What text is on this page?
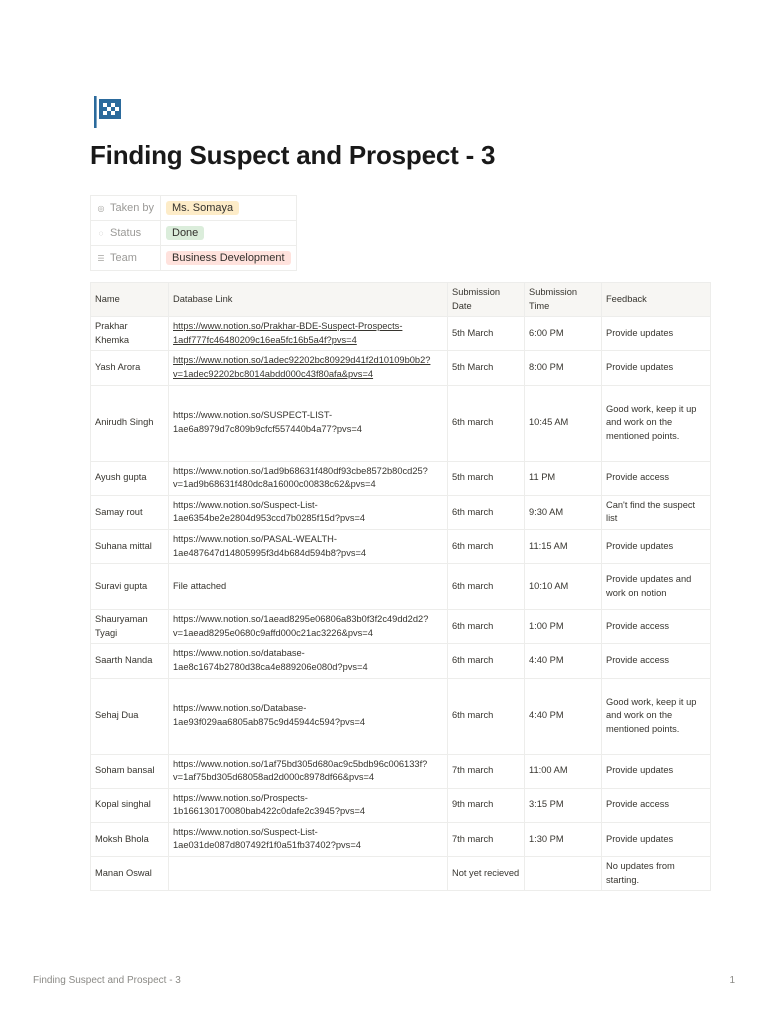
Finding Suspect and Prospect - 3
◎ Taken by	Ms. Somaya
◌ Status	Done
☰ Team	Business Development
Name	Database Link	Submission Date	Submission Time	Feedback
Prakhar Khemka	https://www.notion.so/Prakhar-BDE-Suspect-Prospects-
1adf777fc46480209c16ea5fc16b5a4f?pvs=4	5th March	6:00 PM	Provide updates
Yash Arora	https://www.notion.so/1adec92202bc80929d41f2d10109b0b2?
v=1adec92202bc8014abdd000c43f80afa&pvs=4	5th March	8:00 PM	Provide updates
Anirudh Singh	https://www.notion.so/SUSPECT-LIST-
1ae6a8979d7c809b9cfcf557440b4a77?pvs=4	6th march	10:45 AM	Good work, keep it up and work on the mentioned points.
Ayush gupta	https://www.notion.so/1ad9b68631f480df93cbe8572b80cd25?
v=1ad9b68631f480dc8a16000c00838c62&pvs=4	5th march	11 PM	Provide access
Samay rout	https://www.notion.so/Suspect-List-
1ae6354be2e2804d953ccd7b0285f15d?pvs=4	6th march	9:30 AM	Can't find the suspect list
Suhana mittal	https://www.notion.so/PASAL-WEALTH-
1ae487647d14805995f3d4b684d594b8?pvs=4	6th march	11:15 AM	Provide updates
Suravi gupta	File attached	6th march	10:10 AM	Provide updates and work on notion
Shauryaman Tyagi	https://www.notion.so/1aead8295e06806a83b0f3f2c49dd2d2?
v=1aead8295e0680c9affd000c21ac3226&pvs=4	6th march	1:00 PM	Provide access
Saarth Nanda	https://www.notion.so/database-
1ae8c1674b2780d38ca4e889206e080d?pvs=4	6th march	4:40 PM	Provide access
Sehaj Dua	https://www.notion.so/Database-
1ae93f029aa6805ab875c9d45944c594?pvs=4	6th march	4:40 PM	Good work, keep it up and work on the mentioned points.
Soham bansal	https://www.notion.so/1af75bd305d680ac9c5bdb96c006133f?
v=1af75bd305d68058ad2d000c8978df66&pvs=4	7th march	11:00 AM	Provide updates
Kopal singhal	https://www.notion.so/Prospects-
1b166130170080bab422c0dafe2c3945?pvs=4	9th march	3:15 PM	Provide access
Moksh Bhola	https://www.notion.so/Suspect-List-
1ae031de087d807492f1f0a51fb37402?pvs=4	7th march	1:30 PM	Provide updates
Manan Oswal		Not yet recieved		No updates from starting.
Finding Suspect and Prospect - 3	1
